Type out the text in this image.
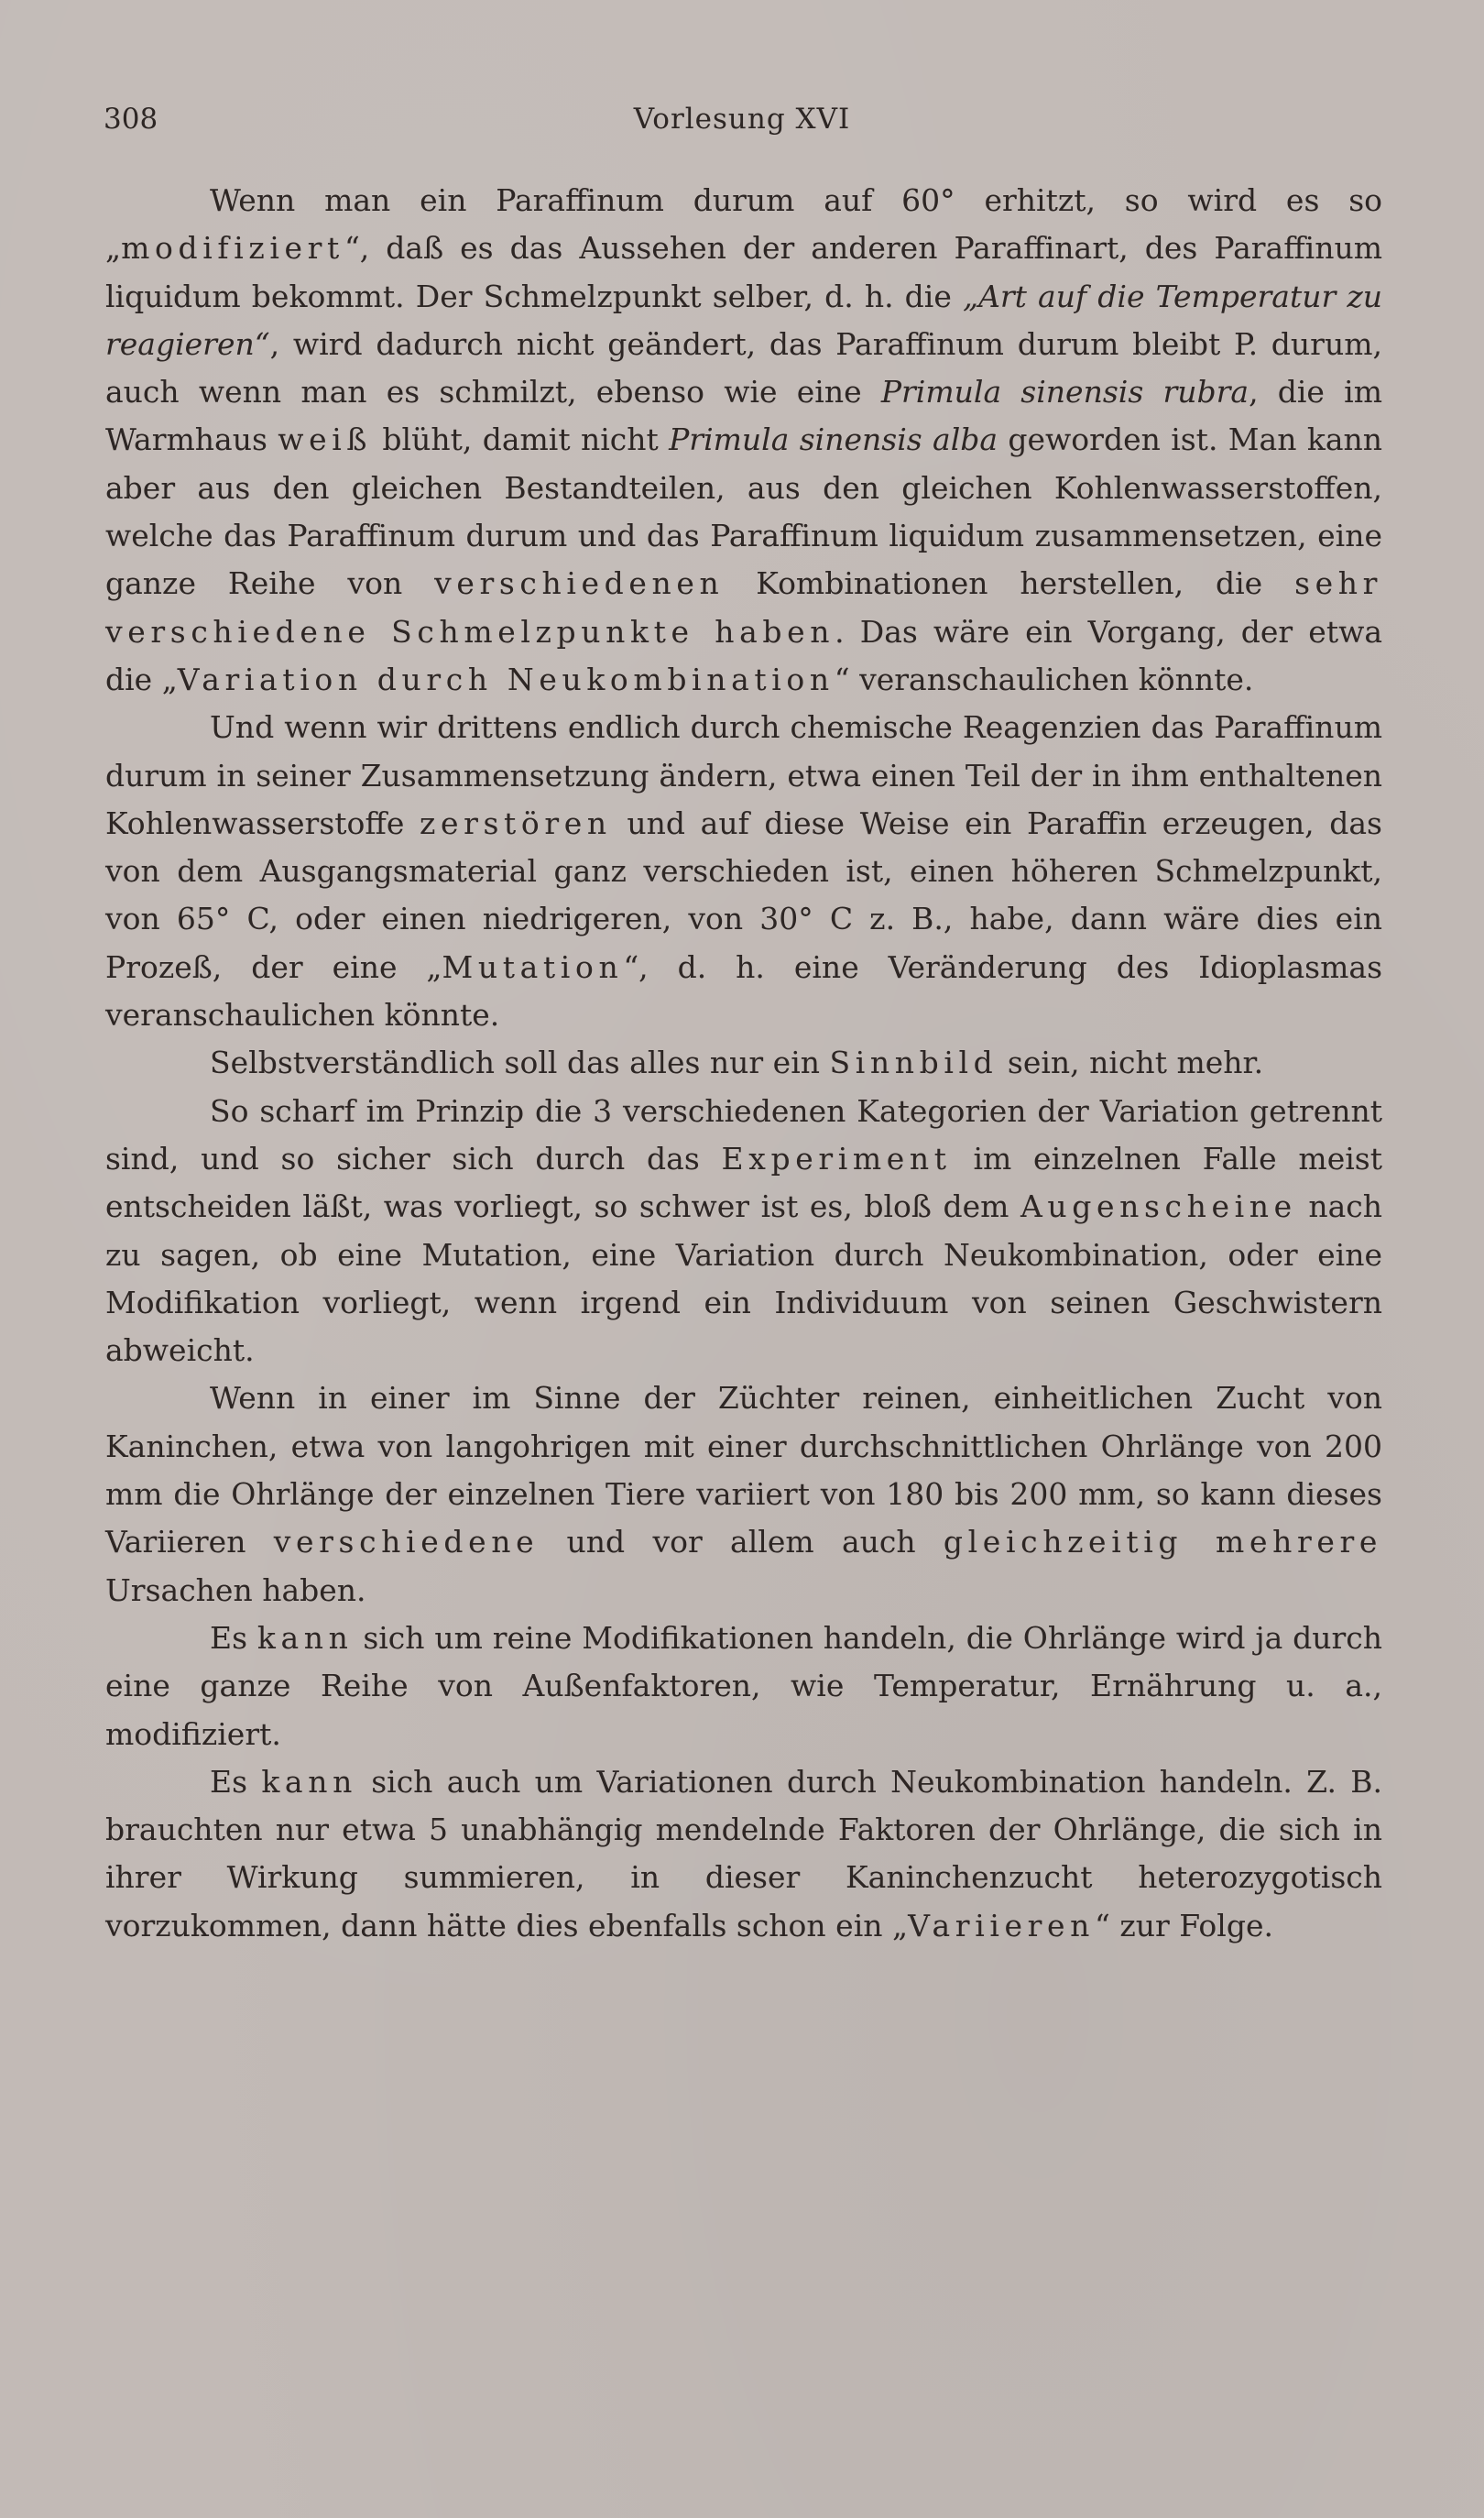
308	Vorlesung XVI

Wenn man ein Paraffinum durum auf 60° erhitzt, so wird es so „modifiziert“, daß es das Aussehen der anderen Paraffinart, des Paraffinum liquidum bekommt. Der Schmelzpunkt selber, d. h. die „Art auf die Temperatur zu reagieren“, wird dadurch nicht geändert, das Paraffinum durum bleibt P. durum, auch wenn man es schmilzt, ebenso wie eine Primula sinensis rubra, die im Warmhaus weiß blüht, damit nicht Primula sinensis alba geworden ist. Man kann aber aus den gleichen Bestandteilen, aus den gleichen Kohlenwasserstoffen, welche das Paraffinum durum und das Paraffinum liquidum zusammensetzen, eine ganze Reihe von verschiedenen Kombinationen herstellen, die sehr verschiedene Schmelzpunkte haben. Das wäre ein Vorgang, der etwa die „Variation durch Neukombination“ veranschaulichen könnte.

Und wenn wir drittens endlich durch chemische Reagenzien das Paraffinum durum in seiner Zusammensetzung ändern, etwa einen Teil der in ihm enthaltenen Kohlenwasserstoffe zerstören und auf diese Weise ein Paraffin erzeugen, das von dem Ausgangsmaterial ganz verschieden ist, einen höheren Schmelzpunkt, von 65° C, oder einen niedrigeren, von 30° C z. B., habe, dann wäre dies ein Prozeß, der eine „Mutation“, d. h. eine Veränderung des Idioplasmas veranschaulichen könnte.

Selbstverständlich soll das alles nur ein Sinnbild sein, nicht mehr.

So scharf im Prinzip die 3 verschiedenen Kategorien der Variation getrennt sind, und so sicher sich durch das Experiment im einzelnen Falle meist entscheiden läßt, was vorliegt, so schwer ist es, bloß dem Augenscheine nach zu sagen, ob eine Mutation, eine Variation durch Neukombination, oder eine Modifikation vorliegt, wenn irgend ein Individuum von seinen Geschwistern abweicht.

Wenn in einer im Sinne der Züchter reinen, einheitlichen Zucht von Kaninchen, etwa von langohrigen mit einer durchschnittlichen Ohrlänge von 200 mm die Ohrlänge der einzelnen Tiere variiert von 180 bis 200 mm, so kann dieses Variieren verschiedene und vor allem auch gleichzeitig mehrere Ursachen haben.

Es kann sich um reine Modifikationen handeln, die Ohrlänge wird ja durch eine ganze Reihe von Außenfaktoren, wie Temperatur, Ernährung u. a., modifiziert.

Es kann sich auch um Variationen durch Neukombination handeln. Z. B. brauchten nur etwa 5 unabhängig mendelnde Faktoren der Ohrlänge, die sich in ihrer Wirkung summieren, in dieser Kaninchenzucht heterozygotisch vorzukommen, dann hätte dies ebenfalls schon ein „Variieren“ zur Folge.
